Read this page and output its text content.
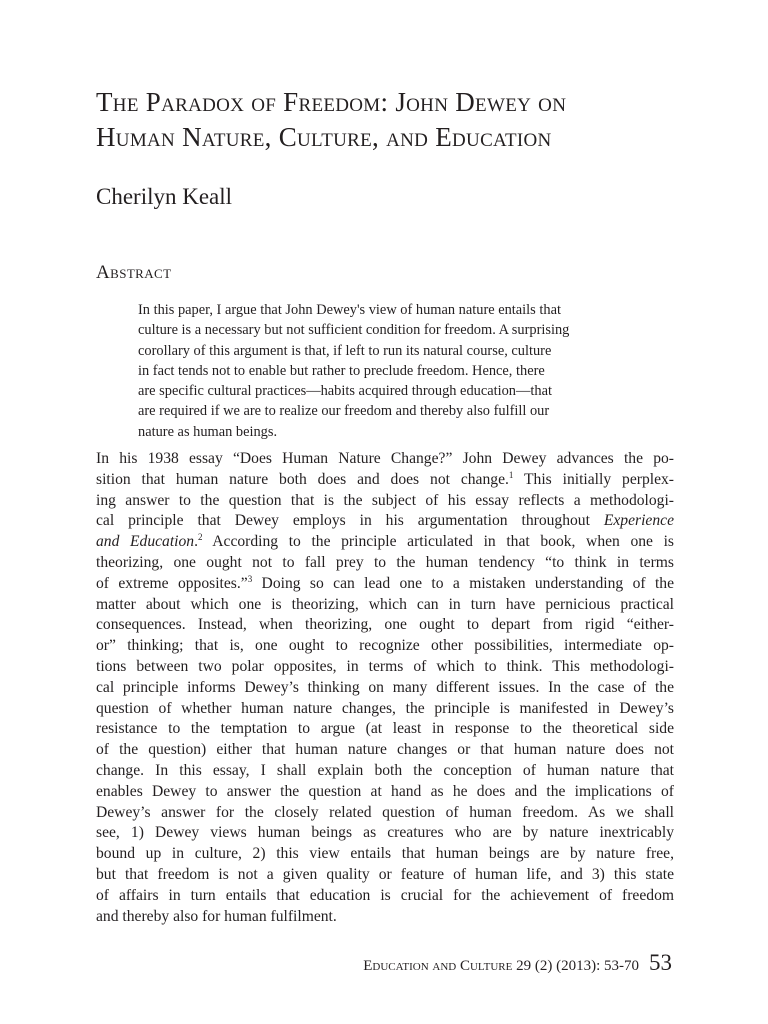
The Paradox of Freedom: John Dewey on
Human Nature, Culture, and Education
Cherilyn Keall
Abstract
In this paper, I argue that John Dewey's view of human nature entails that
culture is a necessary but not sufficient condition for freedom. A surprising
corollary of this argument is that, if left to run its natural course, culture
in fact tends not to enable but rather to preclude freedom. Hence, there
are specific cultural practices—habits acquired through education—that
are required if we are to realize our freedom and thereby also fulfill our
nature as human beings.
In his 1938 essay “Does Human Nature Change?” John Dewey advances the po-
sition that human nature both does and does not change.$^1$ This initially perplex-
ing answer to the question that is the subject of his essay reflects a methodologi-
cal principle that Dewey employs in his argumentation throughout Experience
and Education.$^2$ According to the principle articulated in that book, when one is
theorizing, one ought not to fall prey to the human tendency “to think in terms
of extreme opposites.”$^3$ Doing so can lead one to a mistaken understanding of the
matter about which one is theorizing, which can in turn have pernicious practical
consequences. Instead, when theorizing, one ought to depart from rigid “either-
or” thinking; that is, one ought to recognize other possibilities, intermediate op-
tions between two polar opposites, in terms of which to think. This methodologi-
cal principle informs Dewey’s thinking on many different issues. In the case of the
question of whether human nature changes, the principle is manifested in Dewey’s
resistance to the temptation to argue (at least in response to the theoretical side
of the question) either that human nature changes or that human nature does not
change. In this essay, I shall explain both the conception of human nature that
enables Dewey to answer the question at hand as he does and the implications of
Dewey’s answer for the closely related question of human freedom. As we shall
see, 1) Dewey views human beings as creatures who are by nature inextricably
bound up in culture, 2) this view entails that human beings are by nature free,
but that freedom is not a given quality or feature of human life, and 3) this state
of affairs in turn entails that education is crucial for the achievement of freedom
and thereby also for human fulfilment.
Education and Culture 29 (2) (2013): 53-70 53
